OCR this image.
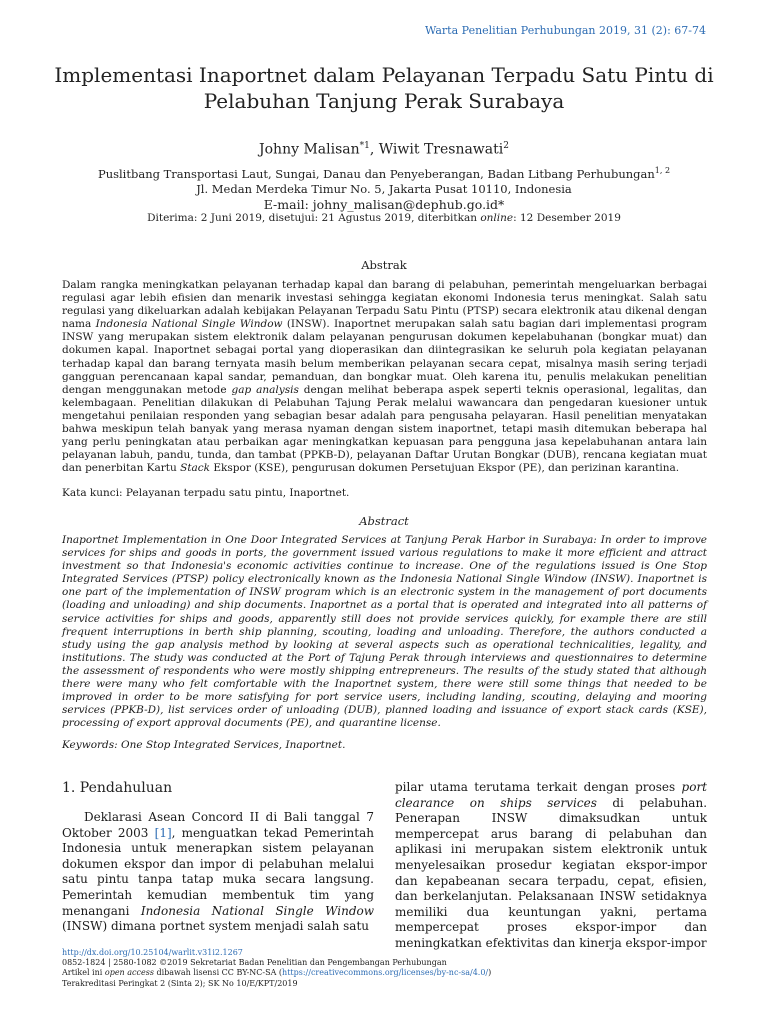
Warta Penelitian Perhubungan 2019, 31 (2): 67-74
Implementasi Inaportnet dalam Pelayanan Terpadu Satu Pintu di Pelabuhan Tanjung Perak Surabaya
Johny Malisan$^{*1}$, Wiwit Tresnawati$^2$
Puslitbang Transportasi Laut, Sungai, Danau dan Penyeberangan, Badan Litbang Perhubungan$^{1, 2}$
Jl. Medan Merdeka Timur No. 5, Jakarta Pusat 10110, Indonesia
E-mail: johny_malisan@dephub.go.id*
Diterima: 2 Juni 2019, disetujui: 21 Agustus 2019, diterbitkan online: 12 Desember 2019
Abstrak

Dalam rangka meningkatkan pelayanan terhadap kapal dan barang di pelabuhan, pemerintah mengeluarkan berbagai regulasi agar lebih efisien dan menarik investasi sehingga kegiatan ekonomi Indonesia terus meningkat. Salah satu regulasi yang dikeluarkan adalah kebijakan Pelayanan Terpadu Satu Pintu (PTSP) secara elektronik atau dikenal dengan nama Indonesia National Single Window (INSW). Inaportnet merupakan salah satu bagian dari implementasi program INSW yang merupakan sistem elektronik dalam pelayanan pengurusan dokumen kepelabuhanan (bongkar muat) dan dokumen kapal. Inaportnet sebagai portal yang dioperasikan dan diintegrasikan ke seluruh pola kegiatan pelayanan terhadap kapal dan barang ternyata masih belum memberikan pelayanan secara cepat, misalnya masih sering terjadi gangguan perencanaan kapal sandar, pemanduan, dan bongkar muat. Oleh karena itu, penulis melakukan penelitian dengan menggunakan metode gap analysis dengan melihat beberapa aspek seperti teknis operasional, legalitas, dan kelembagaan. Penelitian dilakukan di Pelabuhan Tajung Perak melalui wawancara dan pengedaran kuesioner untuk mengetahui penilaian responden yang sebagian besar adalah para pengusaha pelayaran. Hasil penelitian menyatakan bahwa meskipun telah banyak yang merasa nyaman dengan sistem inaportnet, tetapi masih ditemukan beberapa hal yang perlu peningkatan atau perbaikan agar meningkatkan kepuasan para pengguna jasa kepelabuhanan antara lain pelayanan labuh, pandu, tunda, dan tambat (PPKB-D), pelayanan Daftar Urutan Bongkar (DUB), rencana kegiatan muat dan penerbitan Kartu Stack Ekspor (KSE), pengurusan dokumen Persetujuan Ekspor (PE), dan perizinan karantina.

Kata kunci: Pelayanan terpadu satu pintu, Inaportnet.
Abstract

Inaportnet Implementation in One Door Integrated Services at Tanjung Perak Harbor in Surabaya: In order to improve services for ships and goods in ports, the government issued various regulations to make it more efficient and attract investment so that Indonesia's economic activities continue to increase. One of the regulations issued is One Stop Integrated Services (PTSP) policy electronically known as the Indonesia National Single Window (INSW). Inaportnet is one part of the implementation of INSW program which is an electronic system in the management of port documents (loading and unloading) and ship documents. Inaportnet as a portal that is operated and integrated into all patterns of service activities for ships and goods, apparently still does not provide services quickly, for example there are still frequent interruptions in berth ship planning, scouting, loading and unloading. Therefore, the authors conducted a study using the gap analysis method by looking at several aspects such as operational technicalities, legality, and institutions. The study was conducted at the Port of Tajung Perak through interviews and questionnaires to determine the assessment of respondents who were mostly shipping entrepreneurs. The results of the study stated that although there were many who felt comfortable with the Inaportnet system, there were still some things that needed to be improved in order to be more satisfying for port service users, including landing, scouting, delaying and mooring services (PPKB-D), list services order of unloading (DUB), planned loading and issuance of export stack cards (KSE), processing of export approval documents (PE), and quarantine license.

Keywords: One Stop Integrated Services, Inaportnet.
1. Pendahuluan

Deklarasi Asean Concord II di Bali tanggal 7 Oktober 2003 [1], menguatkan tekad Pemerintah Indonesia untuk menerapkan sistem pelayanan dokumen ekspor dan impor di pelabuhan melalui satu pintu tanpa tatap muka secara langsung. Pemerintah kemudian membentuk tim yang menangani Indonesia National Single Window (INSW) dimana portnet system menjadi salah satu

pilar utama terutama terkait dengan proses port clearance on ships services di pelabuhan. Penerapan INSW dimaksudkan untuk mempercepat arus barang di pelabuhan dan aplikasi ini merupakan sistem elektronik untuk menyelesaikan prosedur kegiatan ekspor-impor dan kepabeanan secara terpadu, cepat, efisien, dan berkelanjutan. Pelaksanaan INSW setidaknya memiliki dua keuntungan yakni, pertama mempercepat proses ekspor-impor dan meningkatkan efektivitas dan kinerja ekspor-impor

http://dx.doi.org/10.25104/warlit.v31i2.1267
0852-1824 | 2580-1082 ©2019 Sekretariat Badan Penelitian dan Pengembangan Perhubungan
Artikel ini open access dibawah lisensi CC BY-NC-SA (https://creativecommons.org/licenses/by-nc-sa/4.0/)
Terakreditasi Peringkat 2 (Sinta 2); SK No 10/E/KPT/2019
